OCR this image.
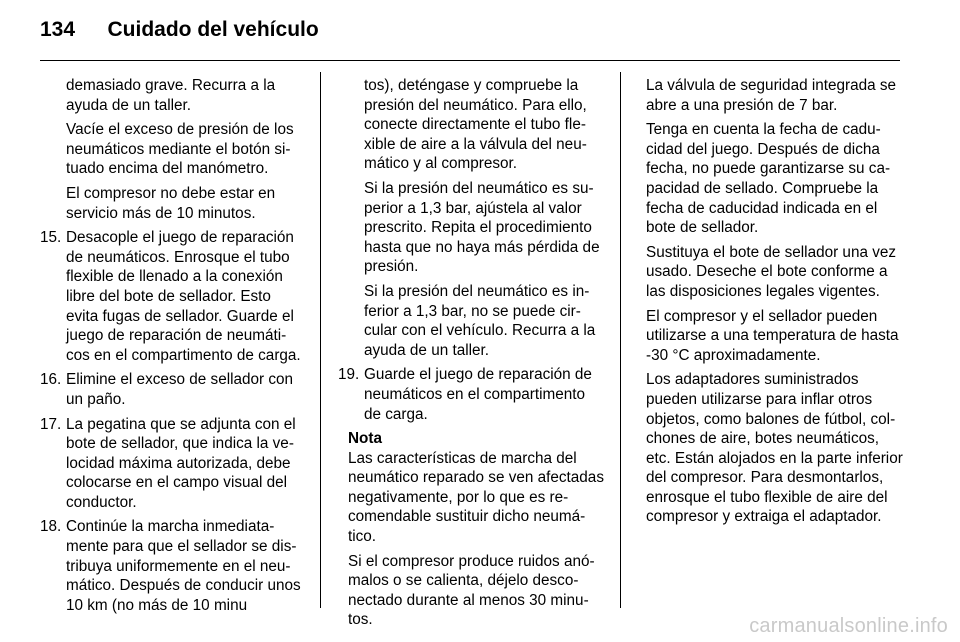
134 Cuidado del vehículo

demasiado grave. Recurra a la ayuda de un taller.

Vacíe el exceso de presión de los neumáticos mediante el botón situado encima del manómetro.

El compresor no debe estar en servicio más de 10 minutos.

15. Desacople el juego de reparación de neumáticos. Enrosque el tubo flexible de llenado a la conexión libre del bote de sellador. Esto evita fugas de sellador. Guarde el juego de reparación de neumáticos en el compartimento de carga.
16. Elimine el exceso de sellador con un paño.
17. La pegatina que se adjunta con el bote de sellador, que indica la velocidad máxima autorizada, debe colocarse en el campo visual del conductor.
18. Continúe la marcha inmediatamente para que el sellador se distribuya uniformemente en el neumático. Después de conducir unos 10 km (no más de 10 minu

tos), deténgase y compruebe la presión del neumático. Para ello, conecte directamente el tubo flexible de aire a la válvula del neumático y al compresor.

Si la presión del neumático es superior a 1,3 bar, ajústela al valor prescrito. Repita el procedimiento hasta que no haya más pérdida de presión.

Si la presión del neumático es inferior a 1,3 bar, no se puede circular con el vehículo. Recurra a la ayuda de un taller.

19. Guarde el juego de reparación de neumáticos en el compartimento de carga.

Nota

Las características de marcha del neumático reparado se ven afectadas negativamente, por lo que es recomendable sustituir dicho neumático.

Si el compresor produce ruidos anómalos o se calienta, déjelo desconectado durante al menos 30 minutos.

La válvula de seguridad integrada se abre a una presión de 7 bar.

Tenga en cuenta la fecha de caducidad del juego. Después de dicha fecha, no puede garantizarse su capacidad de sellado. Compruebe la fecha de caducidad indicada en el bote de sellador.

Sustituya el bote de sellador una vez usado. Deseche el bote conforme a las disposiciones legales vigentes.

El compresor y el sellador pueden utilizarse a una temperatura de hasta -30 °C aproximadamente.

Los adaptadores suministrados pueden utilizarse para inflar otros objetos, como balones de fútbol, colchones de aire, botes neumáticos, etc. Están alojados en la parte inferior del compresor. Para desmontarlos, enrosque el tubo flexible de aire del compresor y extraiga el adaptador.

carmanualsonline.info
